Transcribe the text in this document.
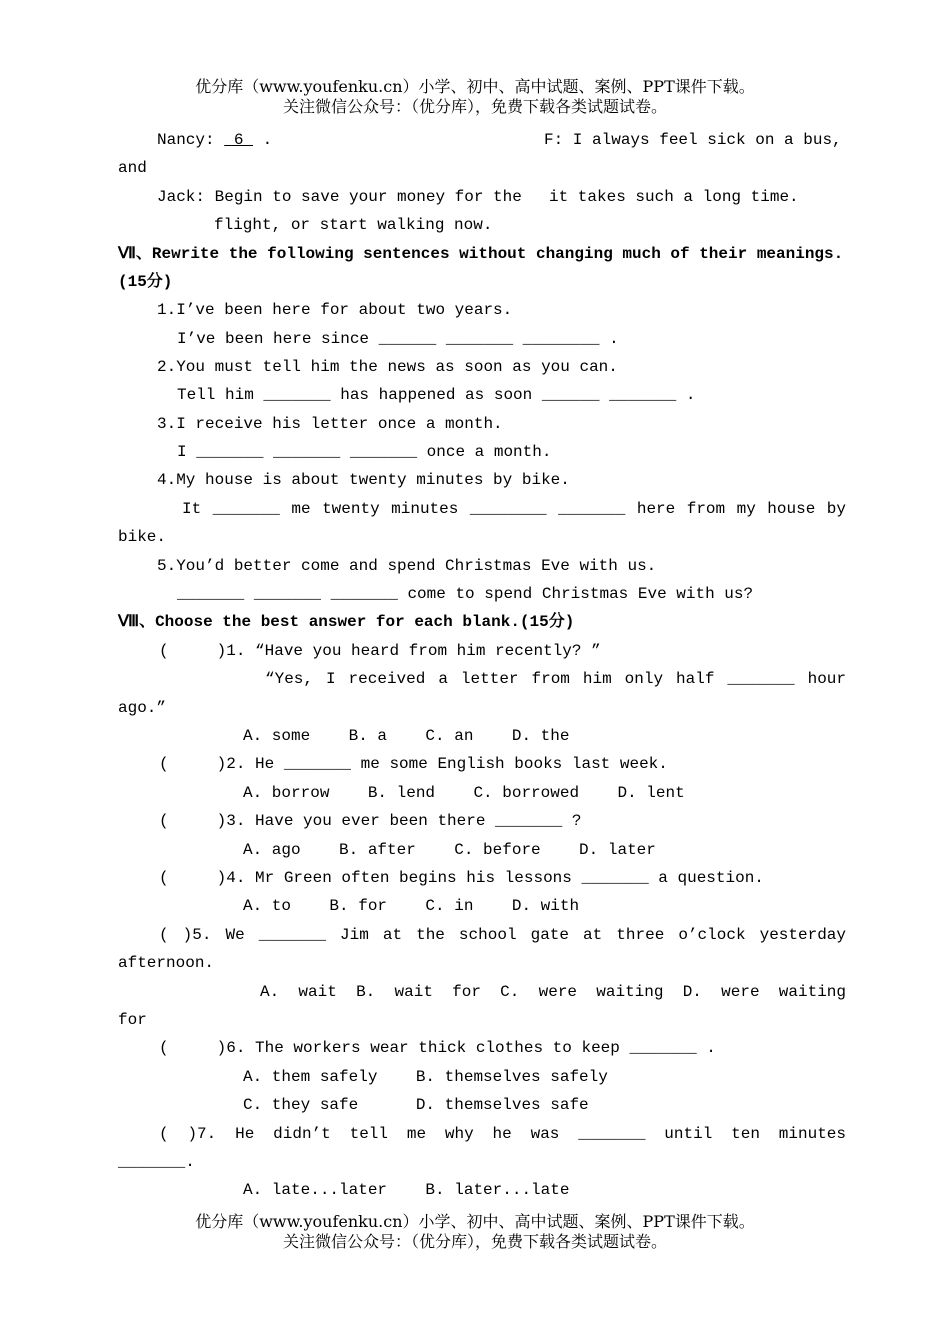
优分库（www.youfenku.cn）小学、初中、高中试题、案例、PPT课件下载。
关注微信公众号：（优分库），免费下载各类试题试卷。
Nancy:  6  .	F: I always feel sick on a bus,
and
Jack: Begin to save your money for the it takes such a long time.
flight, or start walking now.
Ⅶ、Rewrite the following sentences without changing much of their meanings.
(15分)
1.I’ve been here for about two years.
I’ve been here since ______ _______ ________ .
2.You must tell him the news as soon as you can.
Tell him _______ has happened as soon ______ _______ .
3.I receive his letter once a month.
I _______ _______ _______ once a month.
4.My house is about twenty minutes by bike.
It _______ me twenty minutes ________ _______ here from my house by
bike.
5.You’d better come and spend Christmas Eve with us.
_______ _______ _______ come to spend Christmas Eve with us?
Ⅷ、Choose the best answer for each blank.(15分)
(     )1. “Have you heard from him recently? ”
“Yes, I received a letter from him only half _______ hour
ago.”
A. some    B. a    C. an    D. the
(     )2. He _______ me some English books last week.
A. borrow    B. lend    C. borrowed    D. lent
(     )3. Have you ever been there _______ ?
A. ago    B. after    C. before    D. later
(     )4. Mr Green often begins his lessons _______ a question.
A. to    B. for    C. in    D. with
( )5. We _______ Jim at the school gate at three o’clock yesterday
afternoon.
A. wait B. wait for C. were waiting D. were waiting
for
(     )6. The workers wear thick clothes to keep _______ .
A. them safely    B. themselves safely
C. they safe      D. themselves safe
( )7. He didn’t tell me why he was _______ until ten minutes
_______.
A. late...later    B. later...late
优分库（www.youfenku.cn）小学、初中、高中试题、案例、PPT课件下载。
关注微信公众号：（优分库），免费下载各类试题试卷。
